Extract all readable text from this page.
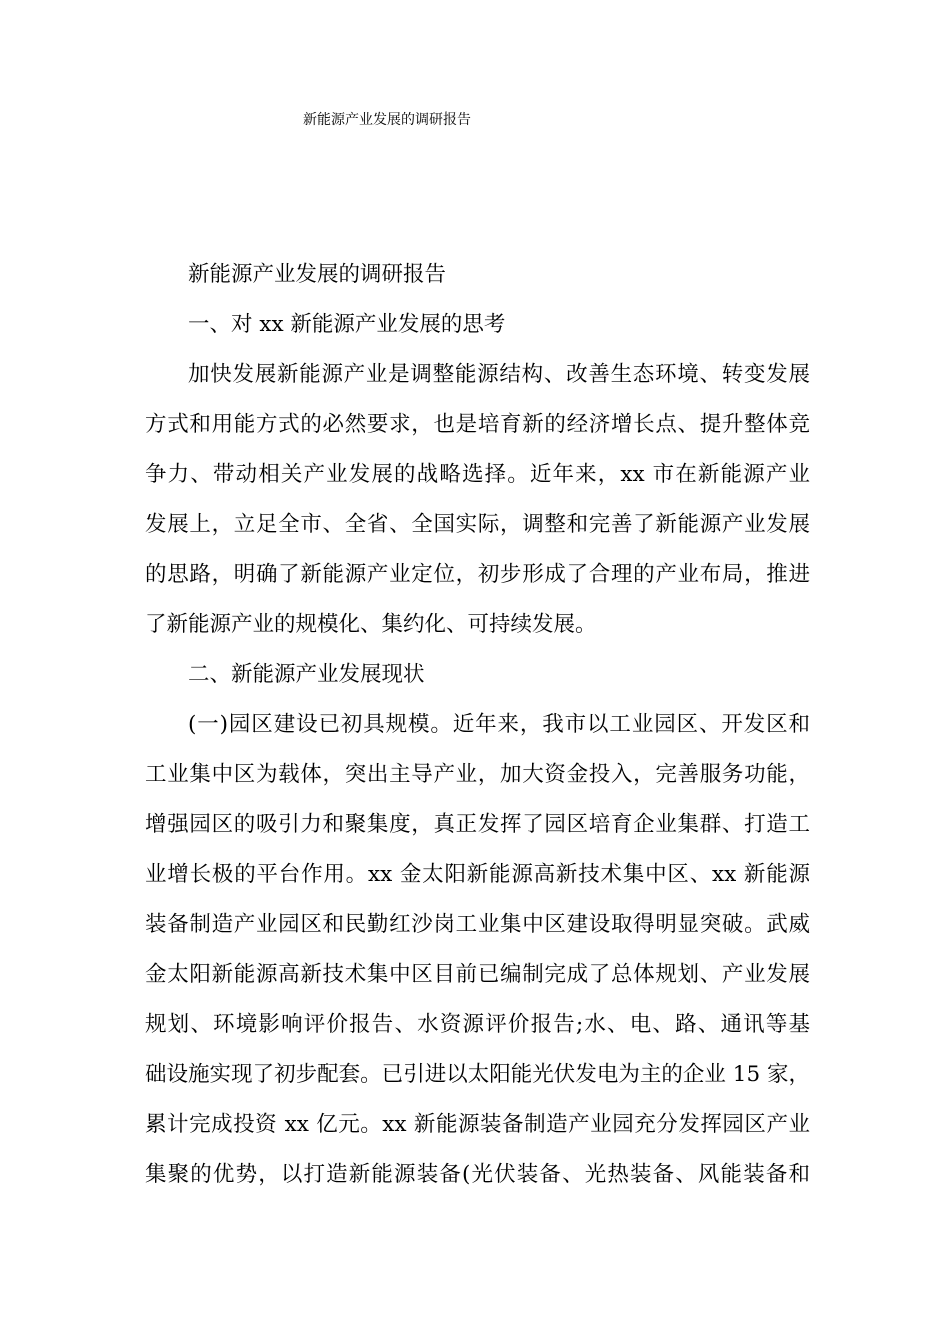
新能源产业发展的调研报告
新能源产业发展的调研报告
一、对 xx 新能源产业发展的思考
加快发展新能源产业是调整能源结构、改善生态环境、转变发展
方式和用能方式的必然要求，也是培育新的经济增长点、提升整体竞
争力、带动相关产业发展的战略选择。近年来，xx 市在新能源产业
发展上，立足全市、全省、全国实际，调整和完善了新能源产业发展
的思路，明确了新能源产业定位，初步形成了合理的产业布局，推进
了新能源产业的规模化、集约化、可持续发展。
二、新能源产业发展现状
(一)园区建设已初具规模。近年来，我市以工业园区、开发区和
工业集中区为载体，突出主导产业，加大资金投入，完善服务功能，
增强园区的吸引力和聚集度，真正发挥了园区培育企业集群、打造工
业增长极的平台作用。xx 金太阳新能源高新技术集中区、xx 新能源
装备制造产业园区和民勤红沙岗工业集中区建设取得明显突破。武威
金太阳新能源高新技术集中区目前已编制完成了总体规划、产业发展
规划、环境影响评价报告、水资源评价报告;水、电、路、通讯等基
础设施实现了初步配套。已引进以太阳能光伏发电为主的企业 15 家，
累计完成投资 xx 亿元。xx 新能源装备制造产业园充分发挥园区产业
集聚的优势，以打造新能源装备(光伏装备、光热装备、风能装备和
